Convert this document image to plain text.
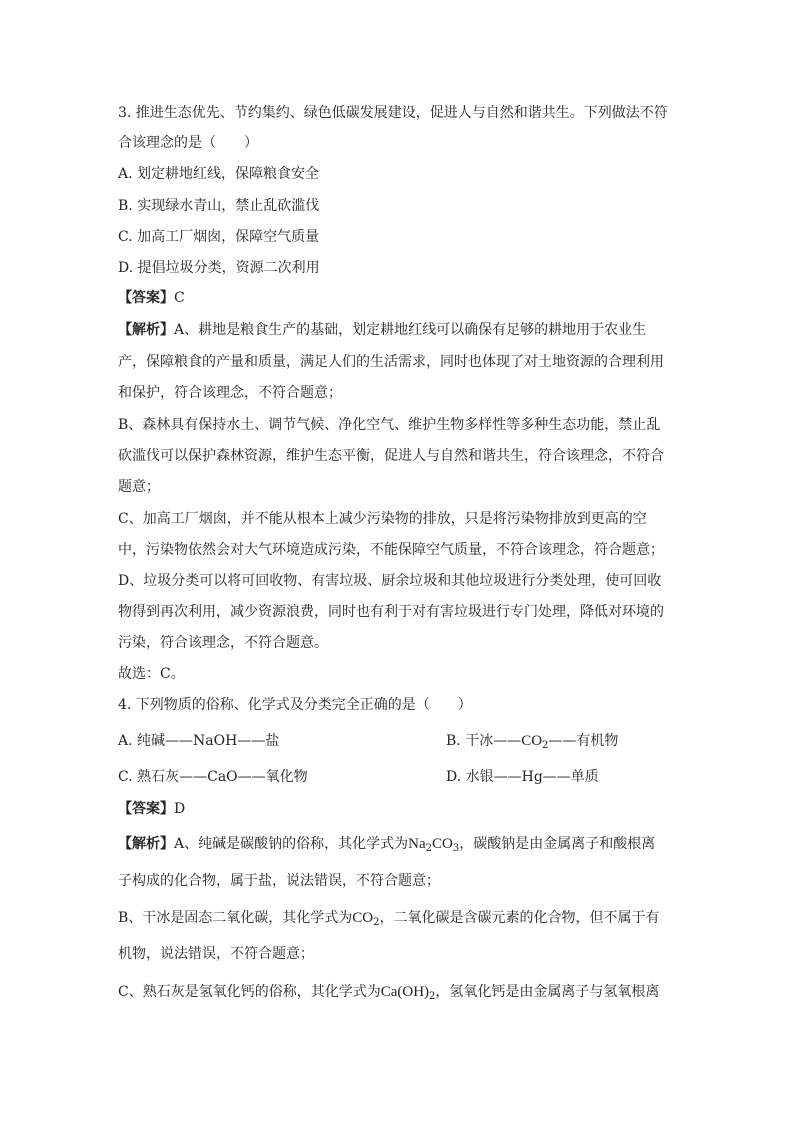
3. 推进生态优先、节约集约、绿色低碳发展建设，促进人与自然和谐共生。下列做法不符
合该理念的是（　　）
A. 划定耕地红线，保障粮食安全
B. 实现绿水青山，禁止乱砍滥伐
C. 加高工厂烟囱，保障空气质量
D. 提倡垃圾分类，资源二次利用
【答案】C
【解析】A、耕地是粮食生产的基础，划定耕地红线可以确保有足够的耕地用于农业生
产，保障粮食的产量和质量，满足人们的生活需求，同时也体现了对土地资源的合理利用
和保护，符合该理念，不符合题意；
B、森林具有保持水土、调节气候、净化空气、维护生物多样性等多种生态功能，禁止乱
砍滥伐可以保护森林资源，维护生态平衡，促进人与自然和谐共生，符合该理念，不符合
题意；
C、加高工厂烟囱，并不能从根本上减少污染物的排放，只是将污染物排放到更高的空
中，污染物依然会对大气环境造成污染，不能保障空气质量，不符合该理念，符合题意；
D、垃圾分类可以将可回收物、有害垃圾、厨余垃圾和其他垃圾进行分类处理，使可回收
物得到再次利用，减少资源浪费，同时也有利于对有害垃圾进行专门处理，降低对环境的
污染，符合该理念，不符合题意。
故选：C。
4. 下列物质的俗称、化学式及分类完全正确的是（　　）
A. 纯碱——NaOH——盐	B. 干冰$——CO_2——$有机物
C. 熟石灰——CaO——氧化物	D. 水银——Hg——单质
【答案】D
【解析】A、纯碱是碳酸钠的俗称，其化学式为$Na_2CO_3$，碳酸钠是由金属离子和酸根离
子构成的化合物，属于盐，说法错误，不符合题意；
B、干冰是固态二氧化碳，其化学式为$CO_2$，二氧化碳是含碳元素的化合物，但不属于有
机物，说法错误，不符合题意；
C、熟石灰是氢氧化钙的俗称，其化学式为$Ca(OH)_2$，氢氧化钙是由金属离子与氢氧根离
